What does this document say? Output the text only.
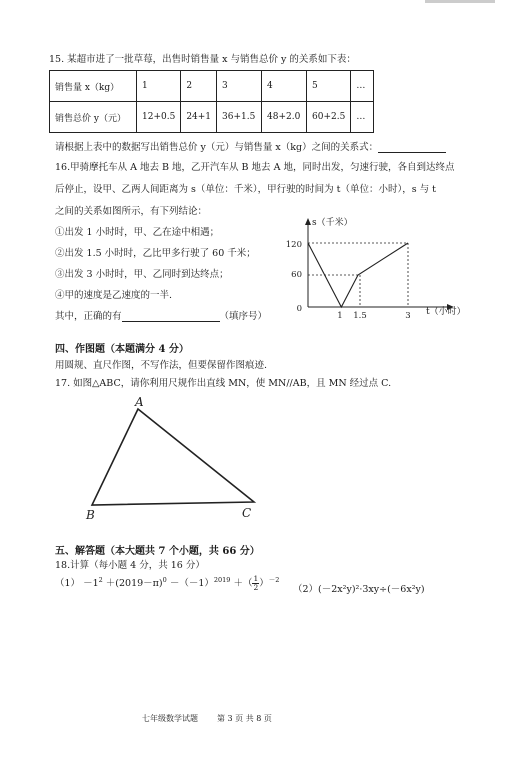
15. 某超市进了一批草莓，出售时销售量 x 与销售总价 y 的关系如下表：
销售量 x（kg）	1	2	3	4	5	…
销售总价 y（元）	12+0.5	24+1	36+1.5	48+2.0	60+2.5	…
请根据上表中的数据写出销售总价 y（元）与销售量 x（kg）之间的关系式：
16.甲骑摩托车从 A 地去 B 地，乙开汽车从 B 地去 A 地，同时出发，匀速行驶，各自到达终点
后停止，设甲、乙两人间距离为 s（单位：千米），甲行驶的时间为 t（单位：小时），s 与 t
之间的关系如图所示，有下列结论：
①出发 1 小时时，甲、乙在途中相遇；
②出发 1.5 小时时，乙比甲多行驶了 60 千米；
③出发 3 小时时，甲、乙同时到达终点；
④甲的速度是乙速度的一半.
其中，正确的有	（填序号）
s（千米）
t（小时）
120
60
0
1 1.5	3
四、作图题（本题满分 4 分）
用圆规、直尺作图，不写作法，但要保留作图痕迹.
17. 如图△ABC，请你利用尺规作出直线 MN，使 MN//AB，且 MN 经过点 C.
A
B	C
五、解答题（本大题共 7 个小题，共 66 分）
18.计算（每小题 4 分，共 16 分）
$(1) -1^2 +(2019-\pi)^0 -(-1)^{2019}$ ＋（ $\frac{1}{2} )^{-2}$
（2）(－2x²y)²·3xy÷(－6x²y)
七年级数学试题 第 3 页 共 8 页
